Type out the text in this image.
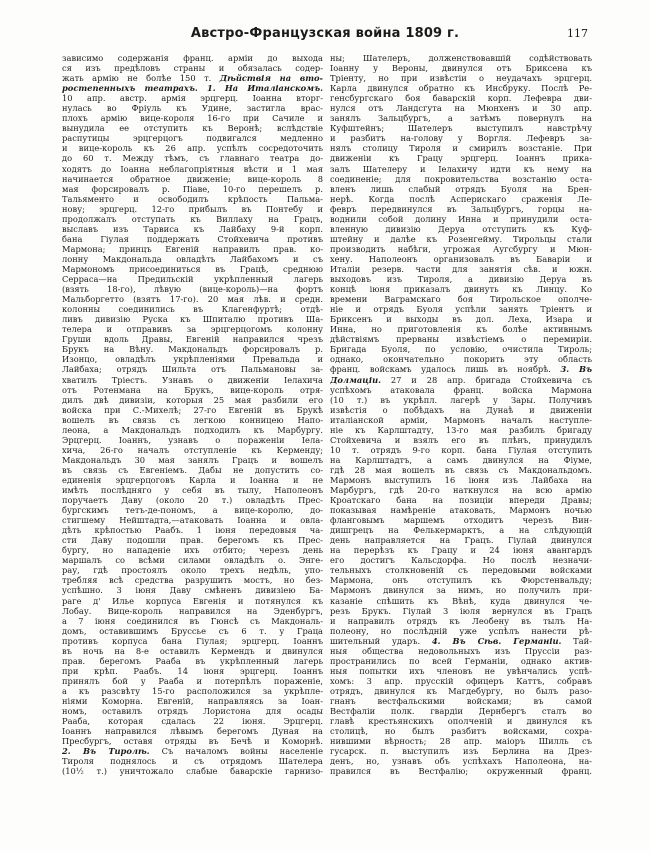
Австро-Французская война 1809 г.	117
зависимо содержанія франц. арміи до выхода
ся изъ предѣловъ страны и обязалась содер-
жать армію не болѣе 150 т. Дѣйствія на вто-
ростепенныхъ театрахъ. 1. На Италіанскомъ.
10 апр. австр. армія эрцгерц. Іоанна вторг-
нулась во Фріуль къ Удине, застигла врас-
плохъ армію вице-короля 16-го при Сачиле и
вынудила ее отступить къ Веронѣ; вслѣдствіе
распутицы эрцгерцогъ подвигался медленно
и вице-король къ 26 апр. успѣлъ сосредоточить
до 60 т. Между тѣмъ, съ главнаго театра до-
ходятъ до Іоанна неблагопріятныя вѣсти и 1 мая
начинается обратное движеніе; вице-король 8
мая форсировалъ р. Піаве, 10-го перешелъ р.
Тальяменто и освободилъ крѣпость Пальма-
нову; эрцгерц. 12-го прибылъ въ Понтебу и
продолжалъ отступать къ Виллаху на Грацъ,
выславъ изъ Тарвиса къ Лайбаху 9-й корп.
бана Гіулая поддержать Стойхевича противъ
Мармона; принцъ Евгеній направилъ прав. ко-
лонну Макдональда овладѣть Лайбахомъ и съ
Мармономъ присоединиться въ Грацѣ, среднюю
Серраса—на Предильскій укрѣпленный лагерь
(взять 18-го), лѣвую (вице-король)—на фортъ
Мальборгетто (взятъ 17-го). 20 мая лѣв. и средн.
колонны соединились въ Клагенфуртѣ; отдѣ-
ливъ дивизію Руска къ Шпиталю противъ Ша-
телера и отправивъ за эрцгерцогомъ колонну
Груши вдоль Дравы, Евгеній направился чрезъ
Брукъ на Вѣну. Макдональдъ форсировалъ р.
Изонцо, овладѣлъ укрѣпленіями Превальда и
Лайбаха; отрядъ Шильта отъ Пальмановы за-
хватилъ Тріестъ. Узнавъ о движеніи Іелахича
отъ Ротенмана на Брукъ, вице-король отря-
дилъ двѣ дивизіи, которыя 25 мая разбили его
войска при С.-Михелѣ; 27-го Евгеній въ Брукѣ
вошелъ въ связь съ легкою конницею Напо-
леона, а Макдональдъ подходилъ къ Марбургу.
Эрцгерц. Іоаннъ, узнавъ о пораженіи Іела-
хича, 26-го началъ отступленіе къ Керменду;
Макдональдъ 30 мая занялъ Грацъ и вошелъ
въ связь съ Евгеніемъ. Дабы не допустить со-
единенія эрцгерцоговъ Карла и Іоанна и не
имѣть послѣдняго у себя въ тылу, Наполеонъ
поручаетъ Даву (около 20 т.) овладѣть Прес-
бургскимъ тетъ-де-пономъ, а вице-королю, до-
стигшему Нейштадта,—атаковать Іоанна и овла-
дѣть крѣпостью Раабъ. 1 іюня передовыя ча-
сти Даву подошли прав. берегомъ къ Прес-
бургу, но нападеніе ихъ отбито; черезъ день
маршалъ со всѣми силами овладѣлъ о. Энге-
рау, гдѣ простоялъ около трехъ недѣль, упо-
требляя всѣ средства разрушить мостъ, но без-
успѣшно. 3 іюня Даву смѣненъ дивизіею Ба-
раге д' Илье корпуса Евгенія и потянулся къ
Лобау. Вице-король направился на Эденбургъ,
а 7 іюня соединился въ Гюнсѣ съ Макдональ-
домъ, оставившимъ Бруссье съ 6 т. у Граца
противъ корпуса бана Гіулая; эрцгерц. Іоаннъ
въ ночь на 8-е оставилъ Кермендъ и двинулся
прав. берегомъ Рааба въ укрѣпленный лагерь
при крѣп. Раабъ. 14 іюня эрцгерц. Іоаннъ
принялъ бой у Рааба и потерпѣлъ пораженіе,
а къ разсвѣту 15-го расположился за укрѣпле-
ніями Коморна. Евгеній, направляясь за Іоан-
номъ, оставилъ отрядъ Лористона для осады
Рааба, которая сдалась 22 іюня. Эрцгерц.
Іоаннъ направился лѣвымъ берегомъ Дуная на
Пресбургъ, оставя отряды въ Бечѣ и Коморнѣ.
2. Въ Тиролѣ. Съ началомъ войны населеніе
Тироля поднялось и съ отрядомъ Шателера
(10½ т.) уничтожало слабые баварскіе гарнизо-
ны; Шателеръ, долженствовавшій содѣйствовать
Іоанну у Вероны, двинулся отъ Бриксена къ
Тріенту, но при извѣстіи о неудачахъ эрцгерц.
Карла двинулся обратно къ Инсбруку. Послѣ Ре-
генсбургскаго боя баварскій корп. Лефевра дви-
нулся отъ Ландсгута на Мюнхенъ и 30 апр.
занялъ Зальцбургъ, а затѣмъ повернулъ на
Куфштейнъ; Шателеръ выступилъ навстрѣчу
и разбитъ на-голову у Воргля. Лефевръ за-
нялъ столицу Тироля и смирилъ возстаніе. При
движеніи къ Грацу эрцгерц. Іоаннъ прика-
залъ Шателеру и Іелахичу идти къ нему на
соединеніе; для покровительства возстанію оста-
вленъ лишь слабый отрядъ Буоля на Брен-
нерѣ. Когда послѣ Асперискаго сраженія Ле-
февръ передвинулся въ Зальцбургъ, горцы на-
воднили собой долину Инна и принудили оста-
вленную дивизію Деруа отступить къ Куф-
штейну и далѣе къ Розенгейму. Тирольцы стали
производить набѣги, угрожая Аугсбургу и Мюн-
хену. Наполеонъ организовалъ въ Баваріи и
Италіи резерв. части для занятія сѣв. и южн.
выходовъ изъ Тироля, а дивизію Деруа въ
концѣ іюня приказалъ двинуть къ Линцу. Ко
времени Ваграмскаго боя Тирольское ополче-
ніе и отрядъ Буоля успѣли занять Тріентъ и
Бриксенъ и выходы въ дол. Леха, Изара и
Инна, но приготовленія къ болѣе активнымъ
дѣйствіямъ прерваны извѣстіемъ о перемиріи.
Бригада Буоля, по условію, очистила Тироль;
однако, окончательно покорить эту область
франц. войскамъ удалось лишь въ ноябрѣ. 3. Въ
Долмаціи. 27 и 28 апр. бригада Стойхевича съ
успѣхомъ атаковала франц. войска Мармона
(10 т.) въ укрѣпл. лагерѣ у Зары. Получивъ
извѣстія о побѣдахъ на Дунаѣ и движеніи
италіанской арміи, Мармонъ началъ наступле-
ніе къ Карлштадту, 13-го мая разбилъ бригаду
Стойхевича и взялъ его въ плѣнъ, принудилъ
10 т. отрядъ 9-го корп. бана Гіулая отступить
на Карлштадтъ, а самъ двинулся на Фіуме,
гдѣ 28 мая вошелъ въ связь съ Макдональдомъ.
Мармонъ выступилъ 16 іюня изъ Лайбаха на
Марбургъ, гдѣ 20-го наткнулся на всю армію
Кроатскаго бана на позиціи впереди Дравы;
показывая намѣреніе атаковать, Мармонъ ночью
фланговымъ маршемъ отходитъ черезъ Вин-
дишгрецъ на Фелькермарктъ, а на слѣдующій
день направляется на Грацъ. Гіулай двинулся
на перерѣзъ къ Грацу и 24 іюня авангардъ
его достигъ Кальсдорфа. Но послѣ незначи-
тельныхъ столкновеній съ передовыми войсками
Мармона, онъ отступилъ къ Фюрстенвальду;
Мармонъ двинулся за нимъ, но получилъ при-
казаніе спѣшить къ Вѣнѣ, куда двинулся че-
резъ Брукъ. Гіулай 3 іюля вернулся въ Грацъ
и направилъ отрядъ къ Леобену въ тылъ На-
полеону, но послѣдній уже успѣлъ нанести рѣ-
шительный ударъ. 4. Въ Сѣв. Германіи. Тай-
ныя общества недовольныхъ изъ Пруссіи раз-
пространились по всей Германіи, однако актив-
ныя попытки ихъ членовъ не увѣнчались успѣ-
хомъ: 3 апр. прусскій офицеръ Каттъ, собравъ
отрядъ, двинулся къ Магдебургу, но былъ разо-
гнанъ вестфальскими войсками; въ самой
Вестфаліи полк. гвардіи Дернбергъ сталъ во
главѣ крестьянскихъ ополченій и двинулся къ
столицѣ, но былъ разбитъ войсками, сохра-
нившими вѣрность; 28 апр. маіоръ Шилль съ
гусарск. п. выступилъ изъ Берлина на Дрез-
денъ, но, узнавъ объ успѣхахъ Наполеона, на-
правился въ Вестфалію; окруженный франц.
